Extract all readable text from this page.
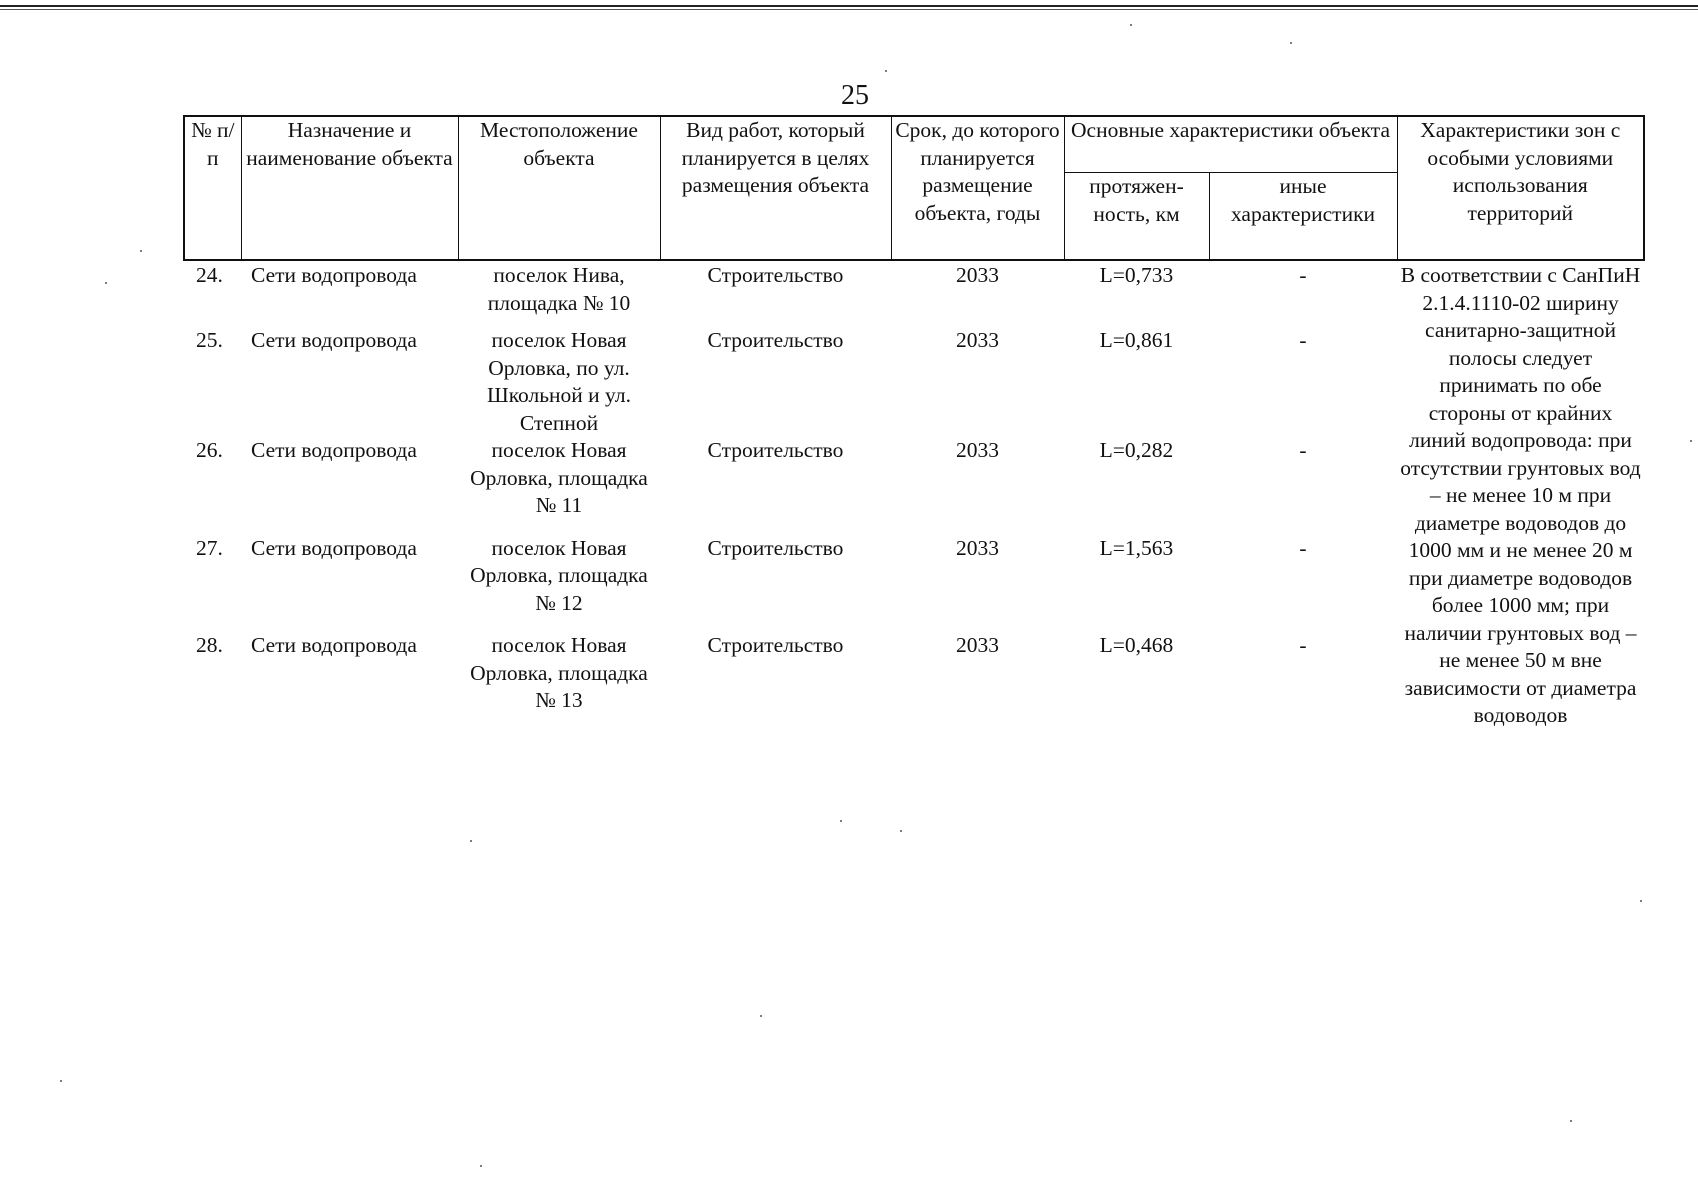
25
№ п/п	Назначение и наименование объекта	Местоположение объекта	Вид работ, который планируется в целях размещения объекта	Срок, до которого планируется размещение объекта, годы	Основные характеристики объекта		Характеристики зон с особыми условиями использования территорий
					протяжен- ность, км	иные характеристики	
24.	Сети водопровода	поселок Нива, площадка № 10	Строительство	2033	L=0,733	-	В соответствии с СанПиН 2.1.4.1110-02 ширину санитарно-защитной полосы следует принимать по обе стороны от крайних линий водопровода: при отсутствии грунтовых вод – не менее 10 м при диаметре водоводов до 1000 мм и не менее 20 м при диаметре водоводов более 1000 мм; при наличии грунтовых вод – не менее 50 м вне зависимости от диаметра водоводов
25.	Сети водопровода	поселок Новая Орловка, по ул. Школьной и ул. Степной	Строительство	2033	L=0,861	-	
26.	Сети водопровода	поселок Новая Орловка, площадка № 11	Строительство	2033	L=0,282	-	
27.	Сети водопровода	поселок Новая Орловка, площадка № 12	Строительство	2033	L=1,563	-	
28.	Сети водопровода	поселок Новая Орловка, площадка № 13	Строительство	2033	L=0,468	-	
